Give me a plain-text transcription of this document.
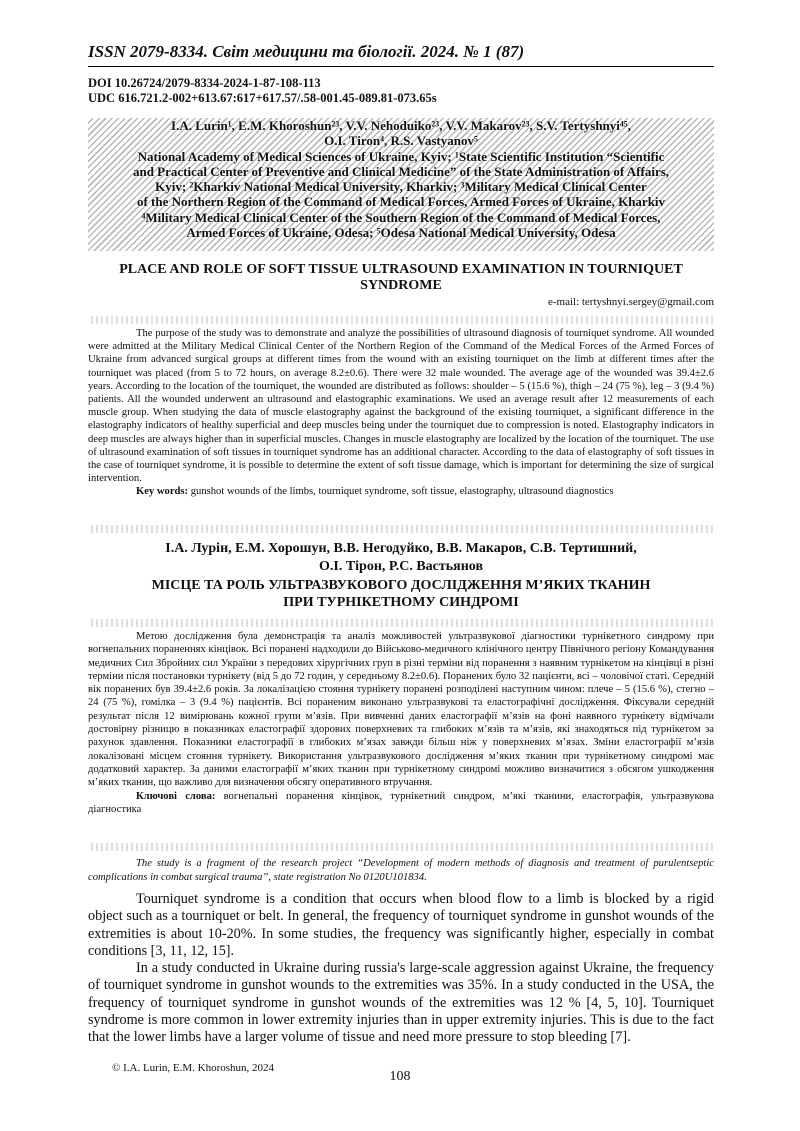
ISSN 2079-8334. Світ медицини та біології. 2024. № 1 (87)
DOI 10.26724/2079-8334-2024-1-87-108-113
UDC 616.721.2-002+613.67:617+617.57/.58-001.45-089.81-073.65s
I.A. Lurin¹, E.M. Khoroshun²³, V.V. Nehoduiko²³, V.V. Makarov²³, S.V. Tertyshnyi⁴⁵,
O.I. Tiron⁴, R.S. Vastyanov⁵
National Academy of Medical Sciences of Ukraine, Kyiv; ¹State Scientific Institution “Scientific
and Practical Center of Preventive and Clinical Medicine” of the State Administration of Affairs,
Kyiv; ²Kharkiv National Medical University, Kharkiv; ³Military Medical Clinical Center
of the Northern Region of the Command of Medical Forces, Armed Forces of Ukraine, Kharkiv
⁴Military Medical Clinical Center of the Southern Region of the Command of Medical Forces,
Armed Forces of Ukraine, Odesa; ⁵Odesa National Medical University, Odesa
PLACE AND ROLE OF SOFT TISSUE ULTRASOUND EXAMINATION IN TOURNIQUET
SYNDROME
e-mail: tertyshnyi.sergey@gmail.com

The purpose of the study was to demonstrate and analyze the possibilities of ultrasound diagnosis of tourniquet syndrome. All wounded were admitted at the Military Medical Clinical Center of the Northern Region of the Command of the Medical Forces of the Armed Forces of Ukraine from advanced surgical groups at different times from the wound with an existing tourniquet on the limb at different times after the tourniquet was placed (from 5 to 72 hours, on average 8.2±0.6). There were 32 male wounded. The average age of the wounded was 39.4±2.6 years. According to the location of the tourniquet, the wounded are distributed as follows: shoulder – 5 (15.6 %), thigh – 24 (75 %), leg – 3 (9.4 %) patients. All the wounded underwent an ultrasound and elastographic examinations. We used an average result after 12 measurements of each muscle group. When studying the data of muscle elastography against the background of the existing tourniquet, a significant difference in the elastography indicators of healthy superficial and deep muscles being under the tourniquet due to compression is noted. Elastography indicators in deep muscles are always higher than in superficial muscles. Changes in muscle elastography are localized by the location of the tourniquet. The use of ultrasound examination of soft tissues in tourniquet syndrome has an additional character. According to the data of elastography of soft tissues in the case of tourniquet syndrome, it is possible to determine the extent of soft tissue damage, which is important for determining the size of surgical intervention.

Key words: gunshot wounds of the limbs, tourniquet syndrome, soft tissue, elastography, ultrasound diagnostics

І.А. Лурін, Е.М. Хорошун, В.В. Негодуйко, В.В. Макаров, С.В. Тертишний,
О.І. Тірон, Р.С. Вастьянов
МІСЦЕ ТА РОЛЬ УЛЬТРАЗВУКОВОГО ДОСЛІДЖЕННЯ М’ЯКИХ ТКАНИН
ПРИ ТУРНІКЕТНОМУ СИНДРОМІ

Метою дослідження була демонстрація та аналіз можливостей ультразвукової діагностики турнікетного синдрому при вогнепальних пораненнях кінцівок. Всі поранені надходили до Військово-медичного клінічного центру Північного регіону Командування медичних Сил Збройних сил України з передових хірургічних груп в різні терміни від поранення з наявним турнікетом на кінцівці в різні терміни після постановки турнікету (від 5 до 72 годин, у середньому 8.2±0.6). Поранених було 32 пацієнти, всі – чоловічої статі. Середній вік поранених був 39.4±2.6 років. За локалізацією стояння турнікету поранені розподілені наступним чином: плече – 5 (15.6 %), стегно – 24 (75 %), гомілка – 3 (9.4 %) пацієнтів. Всі пораненим виконано ультразвукові та еластографічні дослідження. Фіксували середній результат після 12 вимірювань кожної групи м’язів. При вивченні даних еластографії м’язів на фоні наявного турнікету відмічали достовірну різницю в показниках еластографії здорових поверхневих та глибоких м’язів та м’язів, які знаходяться під турнікетом за рахунок здавлення. Показники еластографії в глибоких м’язах завжди більш ніж у поверхневих м’язах. Зміни еластографії м’язів локалізовані місцем стояння турнікету. Використання ультразвукового дослідження м’яких тканин при турнікетному синдромі має додатковий характер. За даними еластографії м’яких тканин при турнікетному синдромі можливо визначитися з обсягом ушкодження м’яких тканин, що важливо для визначення обсягу оперативного втручання.

Ключові слова: вогнепальні поранення кінцівок, турнікетний синдром, м’які тканини, еластографія, ультразвукова діагностика

The study is a fragment of the research project “Development of modern methods of diagnosis and treatment of purulentseptic complications in combat surgical trauma”, state registration No 0120U101834.

Tourniquet syndrome is a condition that occurs when blood flow to a limb is blocked by a rigid object such as a tourniquet or belt. In general, the frequency of tourniquet syndrome in gunshot wounds of the extremities is about 10-20%. In some studies, the frequency was significantly higher, especially in combat conditions [3, 11, 12, 15].

In a study conducted in Ukraine during russia's large-scale aggression against Ukraine, the frequency of tourniquet syndrome in gunshot wounds to the extremities was 35%. In a study conducted in the USA, the frequency of tourniquet syndrome in gunshot wounds of the extremities was 12 % [4, 5, 10]. Tourniquet syndrome is more common in lower extremity injuries than in upper extremity injuries. This is due to the fact that the lower limbs have a larger volume of tissue and need more pressure to stop bleeding [7].

© I.A. Lurin, E.M. Khoroshun, 2024
108
